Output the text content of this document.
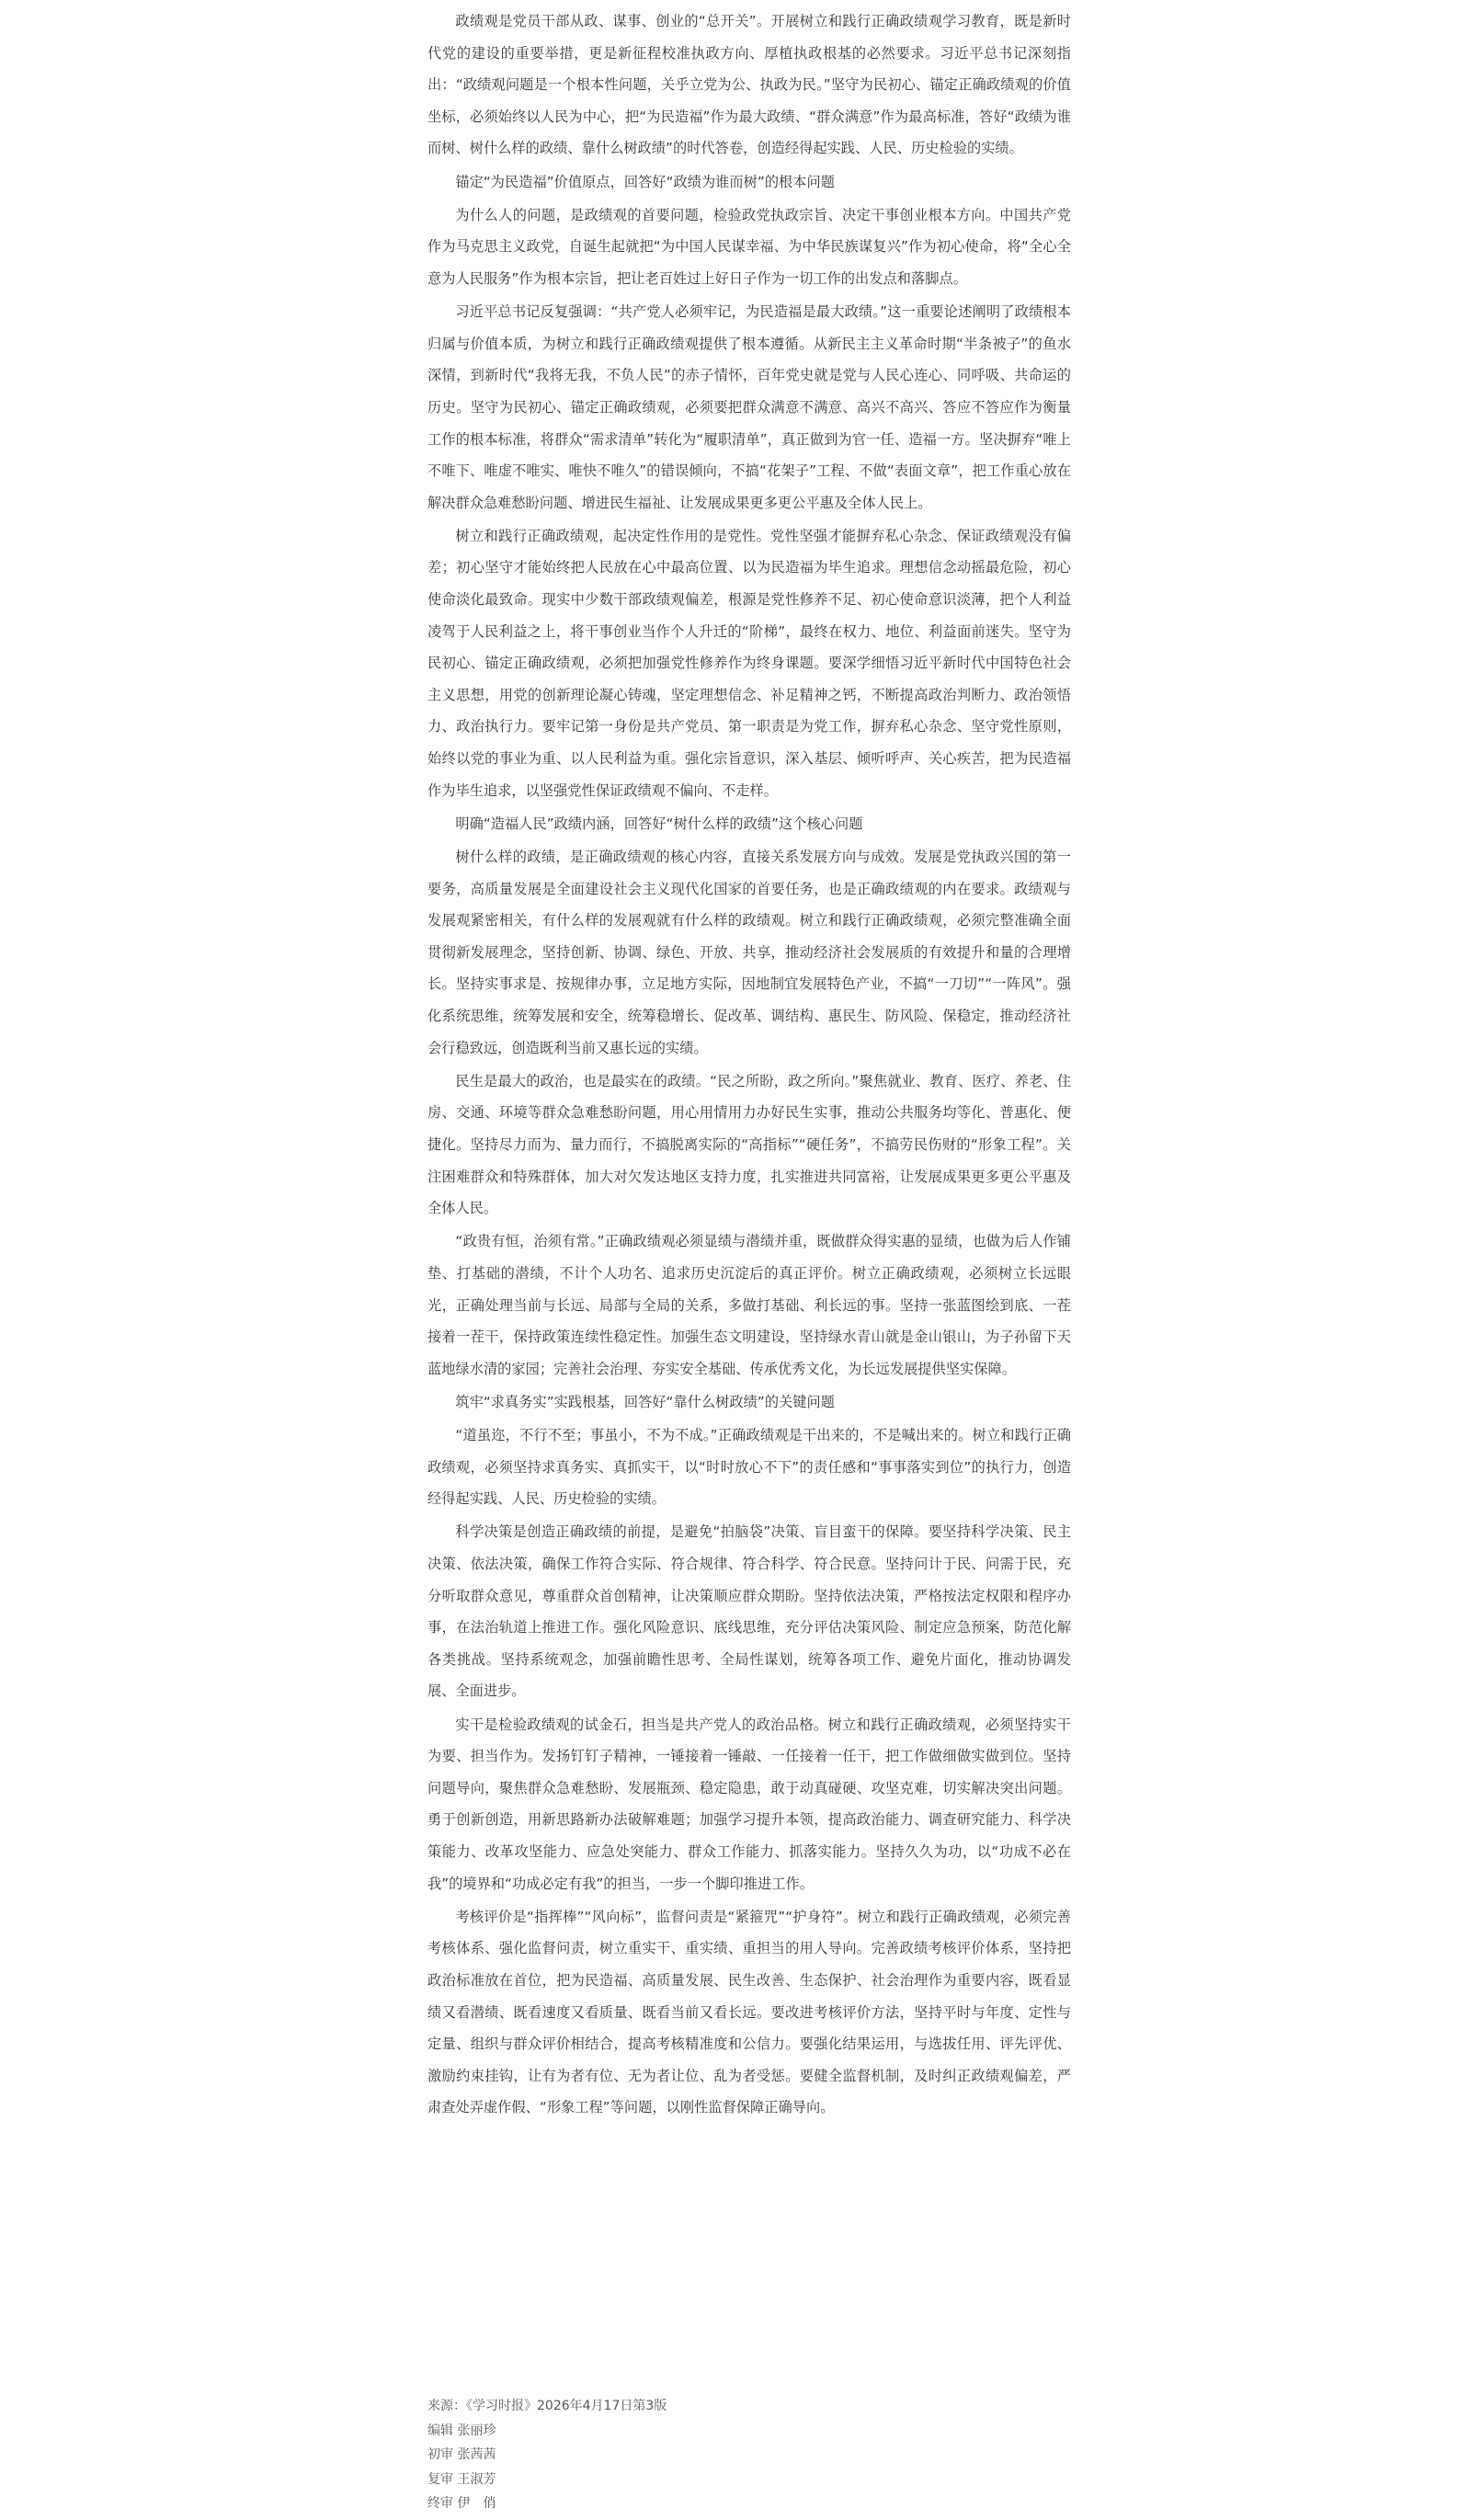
政绩观是党员干部从政、谋事、创业的“总开关”。开展树立和践行正确政绩观学习教育，既是新时代党的建设的重要举措，更是新征程校准执政方向、厚植执政根基的必然要求。习近平总书记深刻指出：“政绩观问题是一个根本性问题，关乎立党为公、执政为民。”坚守为民初心、锚定正确政绩观的价值坐标，必须始终以人民为中心，把“为民造福”作为最大政绩、“群众满意”作为最高标准，答好“政绩为谁而树、树什么样的政绩、靠什么树政绩”的时代答卷，创造经得起实践、人民、历史检验的实绩。

锚定“为民造福”价值原点，回答好“政绩为谁而树”的根本问题

为什么人的问题，是政绩观的首要问题，检验政党执政宗旨、决定干事创业根本方向。中国共产党作为马克思主义政党，自诞生起就把“为中国人民谋幸福、为中华民族谋复兴”作为初心使命，将“全心全意为人民服务”作为根本宗旨，把让老百姓过上好日子作为一切工作的出发点和落脚点。

习近平总书记反复强调：“共产党人必须牢记，为民造福是最大政绩。”这一重要论述阐明了政绩根本归属与价值本质，为树立和践行正确政绩观提供了根本遵循。从新民主主义革命时期“半条被子”的鱼水深情，到新时代“我将无我，不负人民”的赤子情怀，百年党史就是党与人民心连心、同呼吸、共命运的历史。坚守为民初心、锚定正确政绩观，必须要把群众满意不满意、高兴不高兴、答应不答应作为衡量工作的根本标准，将群众“需求清单”转化为“履职清单”，真正做到为官一任、造福一方。坚决摒弃“唯上不唯下、唯虚不唯实、唯快不唯久”的错误倾向，不搞“花架子”工程、不做“表面文章”，把工作重心放在解决群众急难愁盼问题、增进民生福祉、让发展成果更多更公平惠及全体人民上。

树立和践行正确政绩观，起决定性作用的是党性。党性坚强才能摒弃私心杂念、保证政绩观没有偏差；初心坚守才能始终把人民放在心中最高位置、以为民造福为毕生追求。理想信念动摇最危险，初心使命淡化最致命。现实中少数干部政绩观偏差，根源是党性修养不足、初心使命意识淡薄，把个人利益凌驾于人民利益之上，将干事创业当作个人升迁的“阶梯”，最终在权力、地位、利益面前迷失。坚守为民初心、锚定正确政绩观，必须把加强党性修养作为终身课题。要深学细悟习近平新时代中国特色社会主义思想，用党的创新理论凝心铸魂，坚定理想信念、补足精神之钙，不断提高政治判断力、政治领悟力、政治执行力。要牢记第一身份是共产党员、第一职责是为党工作，摒弃私心杂念、坚守党性原则，始终以党的事业为重、以人民利益为重。强化宗旨意识，深入基层、倾听呼声、关心疾苦，把为民造福作为毕生追求，以坚强党性保证政绩观不偏向、不走样。

明确“造福人民”政绩内涵，回答好“树什么样的政绩”这个核心问题

树什么样的政绩，是正确政绩观的核心内容，直接关系发展方向与成效。发展是党执政兴国的第一要务，高质量发展是全面建设社会主义现代化国家的首要任务，也是正确政绩观的内在要求。政绩观与发展观紧密相关，有什么样的发展观就有什么样的政绩观。树立和践行正确政绩观，必须完整准确全面贯彻新发展理念，坚持创新、协调、绿色、开放、共享，推动经济社会发展质的有效提升和量的合理增长。坚持实事求是、按规律办事，立足地方实际，因地制宜发展特色产业，不搞“一刀切”“一阵风”。强化系统思维，统筹发展和安全，统筹稳增长、促改革、调结构、惠民生、防风险、保稳定，推动经济社会行稳致远，创造既利当前又惠长远的实绩。

民生是最大的政治，也是最实在的政绩。“民之所盼，政之所向。”聚焦就业、教育、医疗、养老、住房、交通、环境等群众急难愁盼问题，用心用情用力办好民生实事，推动公共服务均等化、普惠化、便捷化。坚持尽力而为、量力而行，不搞脱离实际的“高指标”“硬任务”，不搞劳民伤财的“形象工程”。关注困难群众和特殊群体，加大对欠发达地区支持力度，扎实推进共同富裕，让发展成果更多更公平惠及全体人民。

“政贵有恒，治须有常。”正确政绩观必须显绩与潜绩并重，既做群众得实惠的显绩，也做为后人作铺垫、打基础的潜绩，不计个人功名、追求历史沉淀后的真正评价。树立正确政绩观，必须树立长远眼光，正确处理当前与长远、局部与全局的关系，多做打基础、利长远的事。坚持一张蓝图绘到底、一茬接着一茬干，保持政策连续性稳定性。加强生态文明建设，坚持绿水青山就是金山银山，为子孙留下天蓝地绿水清的家园；完善社会治理、夯实安全基础、传承优秀文化，为长远发展提供坚实保障。

筑牢“求真务实”实践根基，回答好“靠什么树政绩”的关键问题

“道虽迩，不行不至；事虽小，不为不成。”正确政绩观是干出来的，不是喊出来的。树立和践行正确政绩观，必须坚持求真务实、真抓实干，以“时时放心不下”的责任感和“事事落实到位”的执行力，创造经得起实践、人民、历史检验的实绩。

科学决策是创造正确政绩的前提，是避免“拍脑袋”决策、盲目蛮干的保障。要坚持科学决策、民主决策、依法决策，确保工作符合实际、符合规律、符合科学、符合民意。坚持问计于民、问需于民，充分听取群众意见，尊重群众首创精神，让决策顺应群众期盼。坚持依法决策，严格按法定权限和程序办事，在法治轨道上推进工作。强化风险意识、底线思维，充分评估决策风险、制定应急预案，防范化解各类挑战。坚持系统观念，加强前瞻性思考、全局性谋划，统筹各项工作、避免片面化，推动协调发展、全面进步。

实干是检验政绩观的试金石，担当是共产党人的政治品格。树立和践行正确政绩观，必须坚持实干为要、担当作为。发扬钉钉子精神，一锤接着一锤敲、一任接着一任干，把工作做细做实做到位。坚持问题导向，聚焦群众急难愁盼、发展瓶颈、稳定隐患，敢于动真碰硬、攻坚克难，切实解决突出问题。勇于创新创造，用新思路新办法破解难题；加强学习提升本领，提高政治能力、调查研究能力、科学决策能力、改革攻坚能力、应急处突能力、群众工作能力、抓落实能力。坚持久久为功，以“功成不必在我”的境界和“功成必定有我”的担当，一步一个脚印推进工作。

考核评价是“指挥棒”“风向标”，监督问责是“紧箍咒”“护身符”。树立和践行正确政绩观，必须完善考核体系、强化监督问责，树立重实干、重实绩、重担当的用人导向。完善政绩考核评价体系，坚持把政治标准放在首位，把为民造福、高质量发展、民生改善、生态保护、社会治理作为重要内容，既看显绩又看潜绩、既看速度又看质量、既看当前又看长远。要改进考核评价方法，坚持平时与年度、定性与定量、组织与群众评价相结合，提高考核精准度和公信力。要强化结果运用，与选拔任用、评先评优、激励约束挂钩，让有为者有位、无为者让位、乱为者受惩。要健全监督机制，及时纠正政绩观偏差，严肃查处弄虚作假、“形象工程”等问题，以刚性监督保障正确导向。

来源：《学习时报》2026年4月17日第3版
编辑 张丽珍
初审 张茜茜
复审 王淑芳
终审 伊　俏
